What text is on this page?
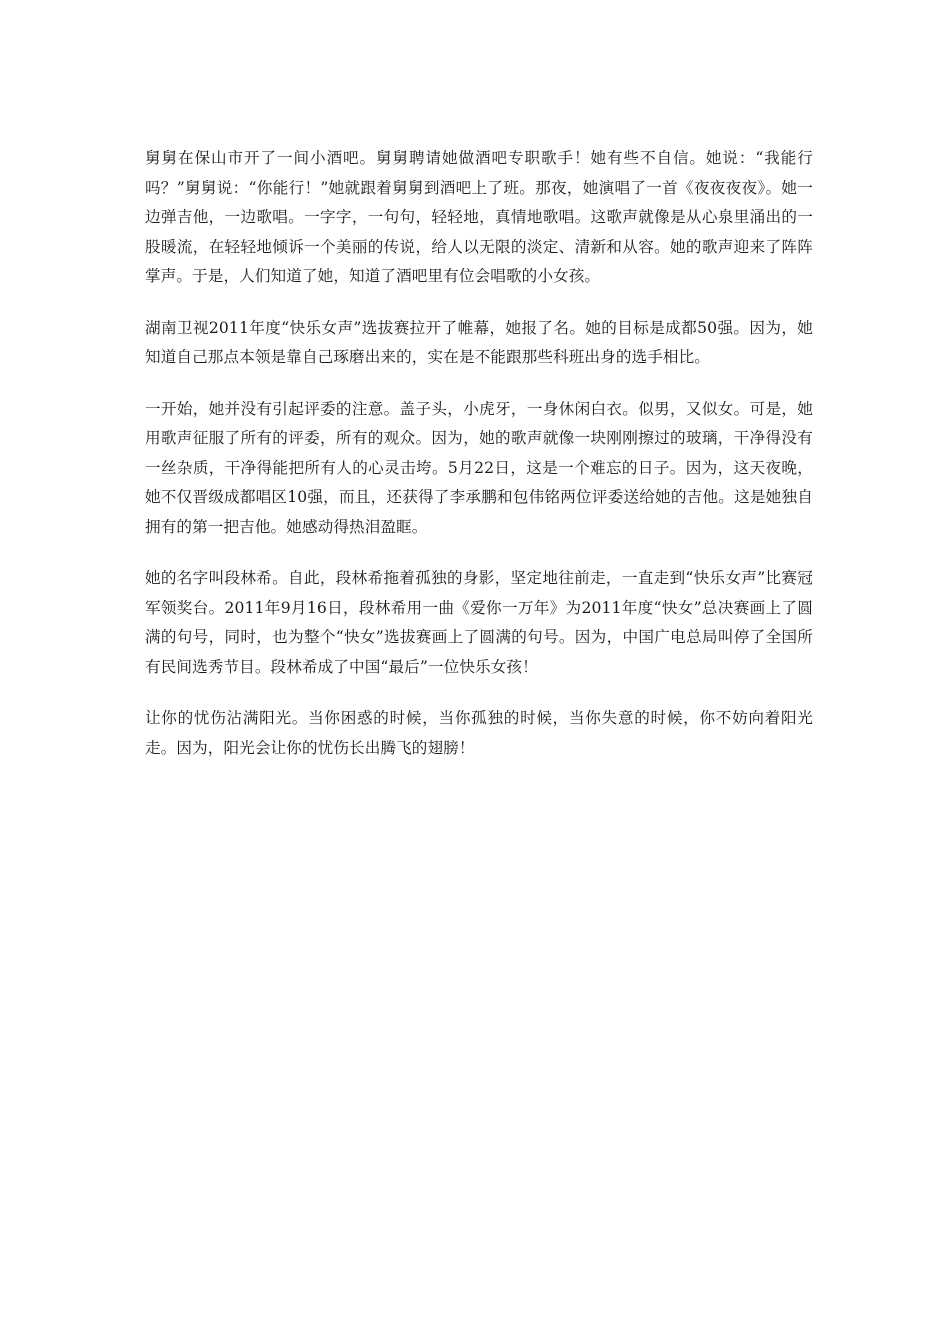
舅舅在保山市开了一间小酒吧。舅舅聘请她做酒吧专职歌手！她有些不自信。她说：“我能行吗？”舅舅说：“你能行！”她就跟着舅舅到酒吧上了班。那夜，她演唱了一首《夜夜夜夜》。她一边弹吉他，一边歌唱。一字字，一句句，轻轻地，真情地歌唱。这歌声就像是从心泉里涌出的一股暖流，在轻轻地倾诉一个美丽的传说，给人以无限的淡定、清新和从容。她的歌声迎来了阵阵掌声。于是，人们知道了她，知道了酒吧里有位会唱歌的小女孩。

湖南卫视2011年度“快乐女声”选拔赛拉开了帷幕，她报了名。她的目标是成都50强。因为，她知道自己那点本领是靠自己琢磨出来的，实在是不能跟那些科班出身的选手相比。

一开始，她并没有引起评委的注意。盖子头，小虎牙，一身休闲白衣。似男，又似女。可是，她用歌声征服了所有的评委，所有的观众。因为，她的歌声就像一块刚刚擦过的玻璃，干净得没有一丝杂质，干净得能把所有人的心灵击垮。5月22日，这是一个难忘的日子。因为，这天夜晚，她不仅晋级成都唱区10强，而且，还获得了李承鹏和包伟铭两位评委送给她的吉他。这是她独自拥有的第一把吉他。她感动得热泪盈眶。

她的名字叫段林希。自此，段林希拖着孤独的身影，坚定地往前走，一直走到“快乐女声”比赛冠军领奖台。2011年9月16日，段林希用一曲《爱你一万年》为2011年度“快女”总决赛画上了圆满的句号，同时，也为整个“快女”选拔赛画上了圆满的句号。因为，中国广电总局叫停了全国所有民间选秀节目。段林希成了中国“最后”一位快乐女孩！

让你的忧伤沾满阳光。当你困惑的时候，当你孤独的时候，当你失意的时候，你不妨向着阳光走。因为，阳光会让你的忧伤长出腾飞的翅膀！
